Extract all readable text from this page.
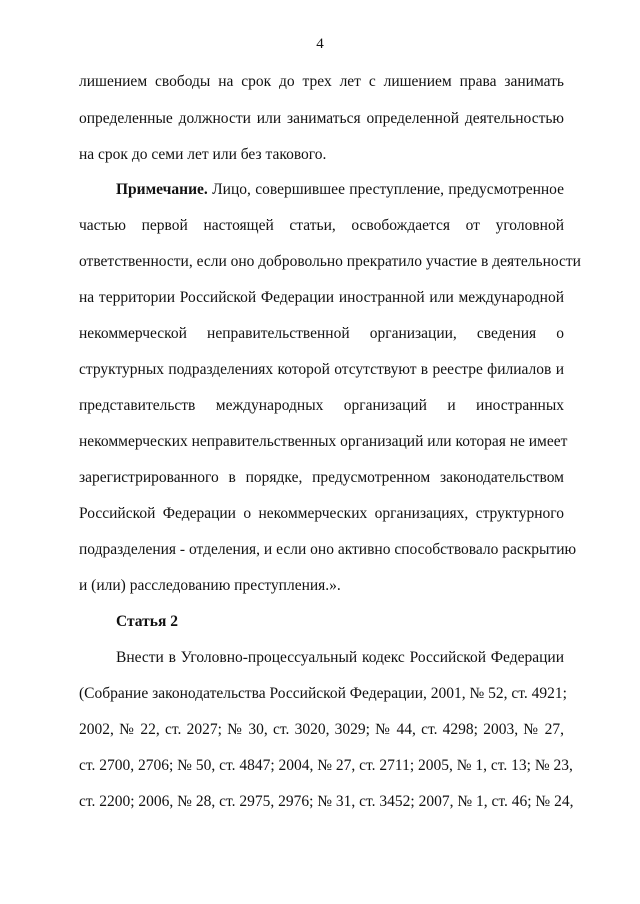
4
лишением свободы на срок до трех лет с лишением права занимать
определенные должности или заниматься определенной деятельностью
на срок до семи лет или без такового.
Примечание. Лицо, совершившее преступление, предусмотренное
частью первой настоящей статьи, освобождается от уголовной
ответственности, если оно добровольно прекратило участие в деятельности
на территории Российской Федерации иностранной или международной
некоммерческой неправительственной организации, сведения о
структурных подразделениях которой отсутствуют в реестре филиалов и
представительств международных организаций и иностранных
некоммерческих неправительственных организаций или которая не имеет
зарегистрированного в порядке, предусмотренном законодательством
Российской Федерации о некоммерческих организациях, структурного
подразделения - отделения, и если оно активно способствовало раскрытию
и (или) расследованию преступления.».
Статья 2
Внести в Уголовно-процессуальный кодекс Российской Федерации
(Собрание законодательства Российской Федерации, 2001, № 52, ст. 4921;
2002, № 22, ст. 2027; № 30, ст. 3020, 3029; № 44, ст. 4298; 2003, № 27,
ст. 2700, 2706; № 50, ст. 4847; 2004, № 27, ст. 2711; 2005, № 1, ст. 13; № 23,
ст. 2200; 2006, № 28, ст. 2975, 2976; № 31, ст. 3452; 2007, № 1, ст. 46; № 24,
